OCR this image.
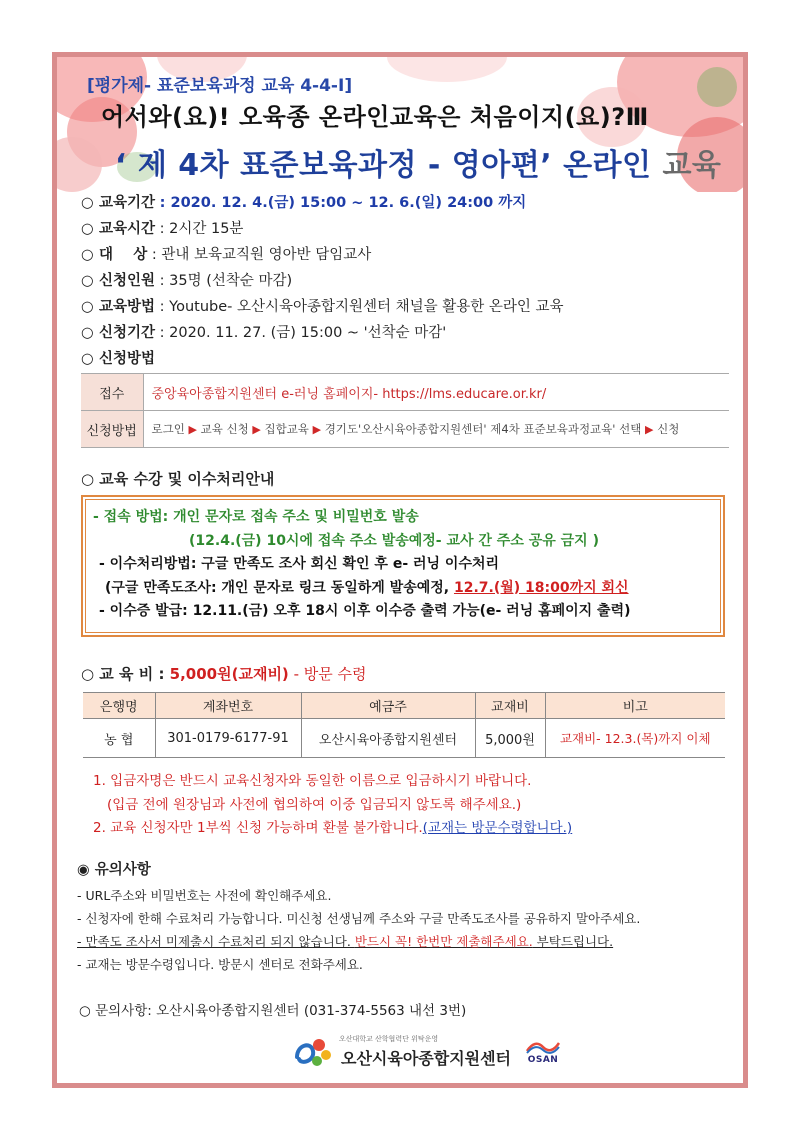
[평가제- 표준보육과정 교육 4-4-Ⅰ]
어서와(요)! 오육종 온라인교육은 처음이지(요)?Ⅲ
‘ 제 4차 표준보육과정 - 영아편’ 온라인 교육
○ 교육기간 : 2020. 12. 4.(금) 15:00 ~ 12. 6.(일) 24:00 까지
○ 교육시간 : 2시간 15분
○ 대    상 : 관내 보육교직원 영아반 담임교사
○ 신청인원 : 35명 (선착순 마감)
○ 교육방법 : Youtube- 오산시육아종합지원센터 채널을 활용한 온라인 교육
○ 신청기간 : 2020. 11. 27. (금) 15:00 ~ '선착순 마감'
○ 신청방법
접수	중앙육아종합지원센터 e-러닝 홈페이지- https://lms.educare.or.kr/
신청방법	로그인 ▶ 교육 신청 ▶ 집합교육 ▶ 경기도'오산시육아종합지원센터' 제4차 표준보육과정교육' 선택 ▶ 신청
○ 교육 수강 및 이수처리안내
- 접속 방법: 개인 문자로 접속 주소 및 비밀번호 발송
(12.4.(금) 10시에 접속 주소 발송예정- 교사 간 주소 공유 금지 )
- 이수처리방법: 구글 만족도 조사 회신 확인 후 e- 러닝 이수처리
(구글 만족도조사: 개인 문자로 링크 동일하게 발송예정, 12.7.(월) 18:00까지 회신
- 이수증 발급: 12.11.(금) 오후 18시 이후 이수증 출력 가능(e- 러닝 홈페이지 출력)
○ 교 육 비 : 5,000원(교재비) - 방문 수령
은행명	계좌번호	예금주	교재비	비고
농 협	301-0179-6177-91	오산시육아종합지원센터	5,000원	교재비- 12.3.(목)까지 이체
1. 입금자명은 반드시 교육신청자와 동일한 이름으로 입금하시기 바랍니다.
(입금 전에 원장님과 사전에 협의하여 이중 입금되지 않도록 해주세요.)
2. 교육 신청자만 1부씩 신청 가능하며 환불 불가합니다.(교재는 방문수령합니다.)
◉ 유의사항
- URL주소와 비밀번호는 사전에 확인해주세요.
- 신청자에 한해 수료처리 가능합니다. 미신청 선생님께 주소와 구글 만족도조사를 공유하지 말아주세요.
- 만족도 조사서 미제출시 수료처리 되지 않습니다. 반드시 꼭! 한번만 제출해주세요. 부탁드립니다.
- 교재는 방문수령입니다. 방문시 센터로 전화주세요.
○ 문의사항: 오산시육아종합지원센터 (031-374-5563 내선 3번)
오산대학교 산학협력단 위탁운영
오산시육아종합지원센터 OSAN
